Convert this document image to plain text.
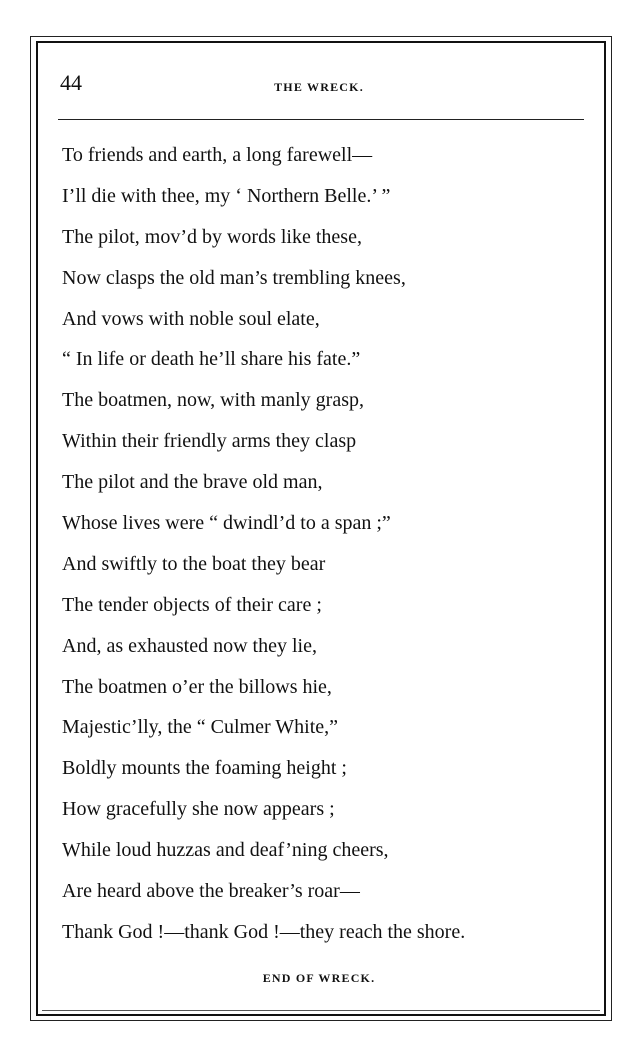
44	THE WRECK.
To friends and earth, a long farewell—
I’ll die with thee, my ‘ Northern Belle.’ ”
The pilot, mov’d by words like these,
Now clasps the old man’s trembling knees,
And vows with noble soul elate,
“ In life or death he’ll share his fate.”
The boatmen, now, with manly grasp,
Within their friendly arms they clasp
The pilot and the brave old man,
Whose lives were “ dwindl’d to a span ;”
And swiftly to the boat they bear
The tender objects of their care ;
And, as exhausted now they lie,
The boatmen o’er the billows hie,
Majestic’lly, the “ Culmer White,”
Boldly mounts the foaming height ;
How gracefully she now appears ;
While loud huzzas and deaf’ning cheers,
Are heard above the breaker’s roar—
Thank God !—thank God !—they reach the shore.
END OF WRECK.
